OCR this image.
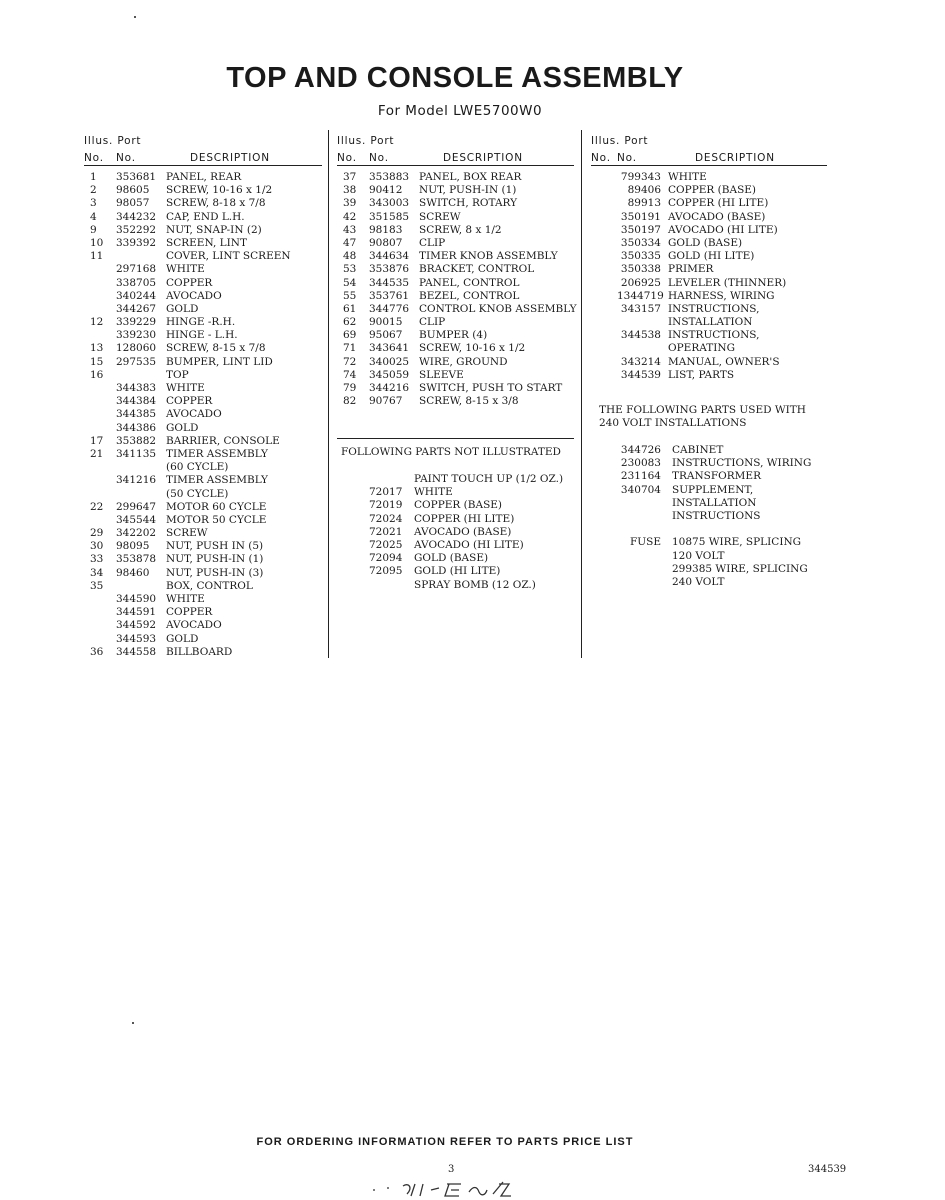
TOP AND CONSOLE ASSEMBLY
For Model LWE5700W0
Illus. Port
No. No.	DESCRIPTION
1	353681 PANEL, REAR
2	98605 SCREW, 10-16 x 1/2
3	98057 SCREW, 8-18 x 7/8
4	344232 CAP, END L.H.
9	352292 NUT, SNAP-IN (2)
10 339392 SCREEN, LINT
11	COVER, LINT SCREEN
297168 WHITE
338705 COPPER
340244 AVOCADO
344267 GOLD
12 339229 HINGE -R.H.
339230 HINGE - L.H.
13 128060 SCREW, 8-15 x 7/8
15 297535 BUMPER, LINT LID
16	TOP
344383 WHITE
344384 COPPER
344385 AVOCADO
344386 GOLD
17 353882 BARRIER, CONSOLE
21 341135 TIMER ASSEMBLY
(60 CYCLE)
341216 TIMER ASSEMBLY
(50 CYCLE)
22 299647 MOTOR 60 CYCLE
345544 MOTOR 50 CYCLE
29 342202 SCREW
30 98095 NUT, PUSH IN (5)
33 353878 NUT, PUSH-IN (1)
34 98460 NUT, PUSH-IN (3)
35	BOX, CONTROL
344590 WHITE
344591 COPPER
344592 AVOCADO
344593 GOLD
36 344558 BILLBOARD
Illus. Port
No. No.	DESCRIPTION
37 353883 PANEL, BOX REAR
38 90412 NUT, PUSH-IN (1)
39 343003 SWITCH, ROTARY
42 351585 SCREW
43 98183 SCREW, 8 x 1/2
47 90807 CLIP
48 344634 TIMER KNOB ASSEMBLY
53 353876 BRACKET, CONTROL
54 344535 PANEL, CONTROL
55 353761 BEZEL, CONTROL
61 344776 CONTROL KNOB ASSEMBLY
62 90015 CLIP
69 95067 BUMPER (4)
71 343641 SCREW, 10-16 x 1/2
72 340025 WIRE, GROUND
74 345059 SLEEVE
79 344216 SWITCH, PUSH TO START
82 90767 SCREW, 8-15 x 3/8
FOLLOWING PARTS NOT ILLUSTRATED
PAINT TOUCH UP (1/2 OZ.)
72017 WHITE
72019 COPPER (BASE)
72024 COPPER (HI LITE)
72021 AVOCADO (BASE)
72025 AVOCADO (HI LITE)
72094 GOLD (BASE)
72095 GOLD (HI LITE)
SPRAY BOMB (12 OZ.)
Illus. Port
No. No.	DESCRIPTION
799343 WHITE
89406 COPPER (BASE)
89913 COPPER (HI LITE)
350191 AVOCADO (BASE)
350197 AVOCADO (HI LITE)
350334 GOLD (BASE)
350335 GOLD (HI LITE)
350338 PRIMER
206925 LEVELER (THINNER)
1344719 HARNESS, WIRING
343157 INSTRUCTIONS,
INSTALLATION
344538 INSTRUCTIONS,
OPERATING
343214 MANUAL, OWNER'S
344539 LIST, PARTS
THE FOLLOWING PARTS USED WITH
240 VOLT INSTALLATIONS
344726 CABINET
230083 INSTRUCTIONS, WIRING
231164 TRANSFORMER
340704 SUPPLEMENT,
INSTALLATION
INSTRUCTIONS
FUSE 10875 WIRE, SPLICING
120 VOLT
299385 WIRE, SPLICING
240 VOLT
FOR ORDERING INFORMATION REFER TO PARTS PRICE LIST
3	344539
